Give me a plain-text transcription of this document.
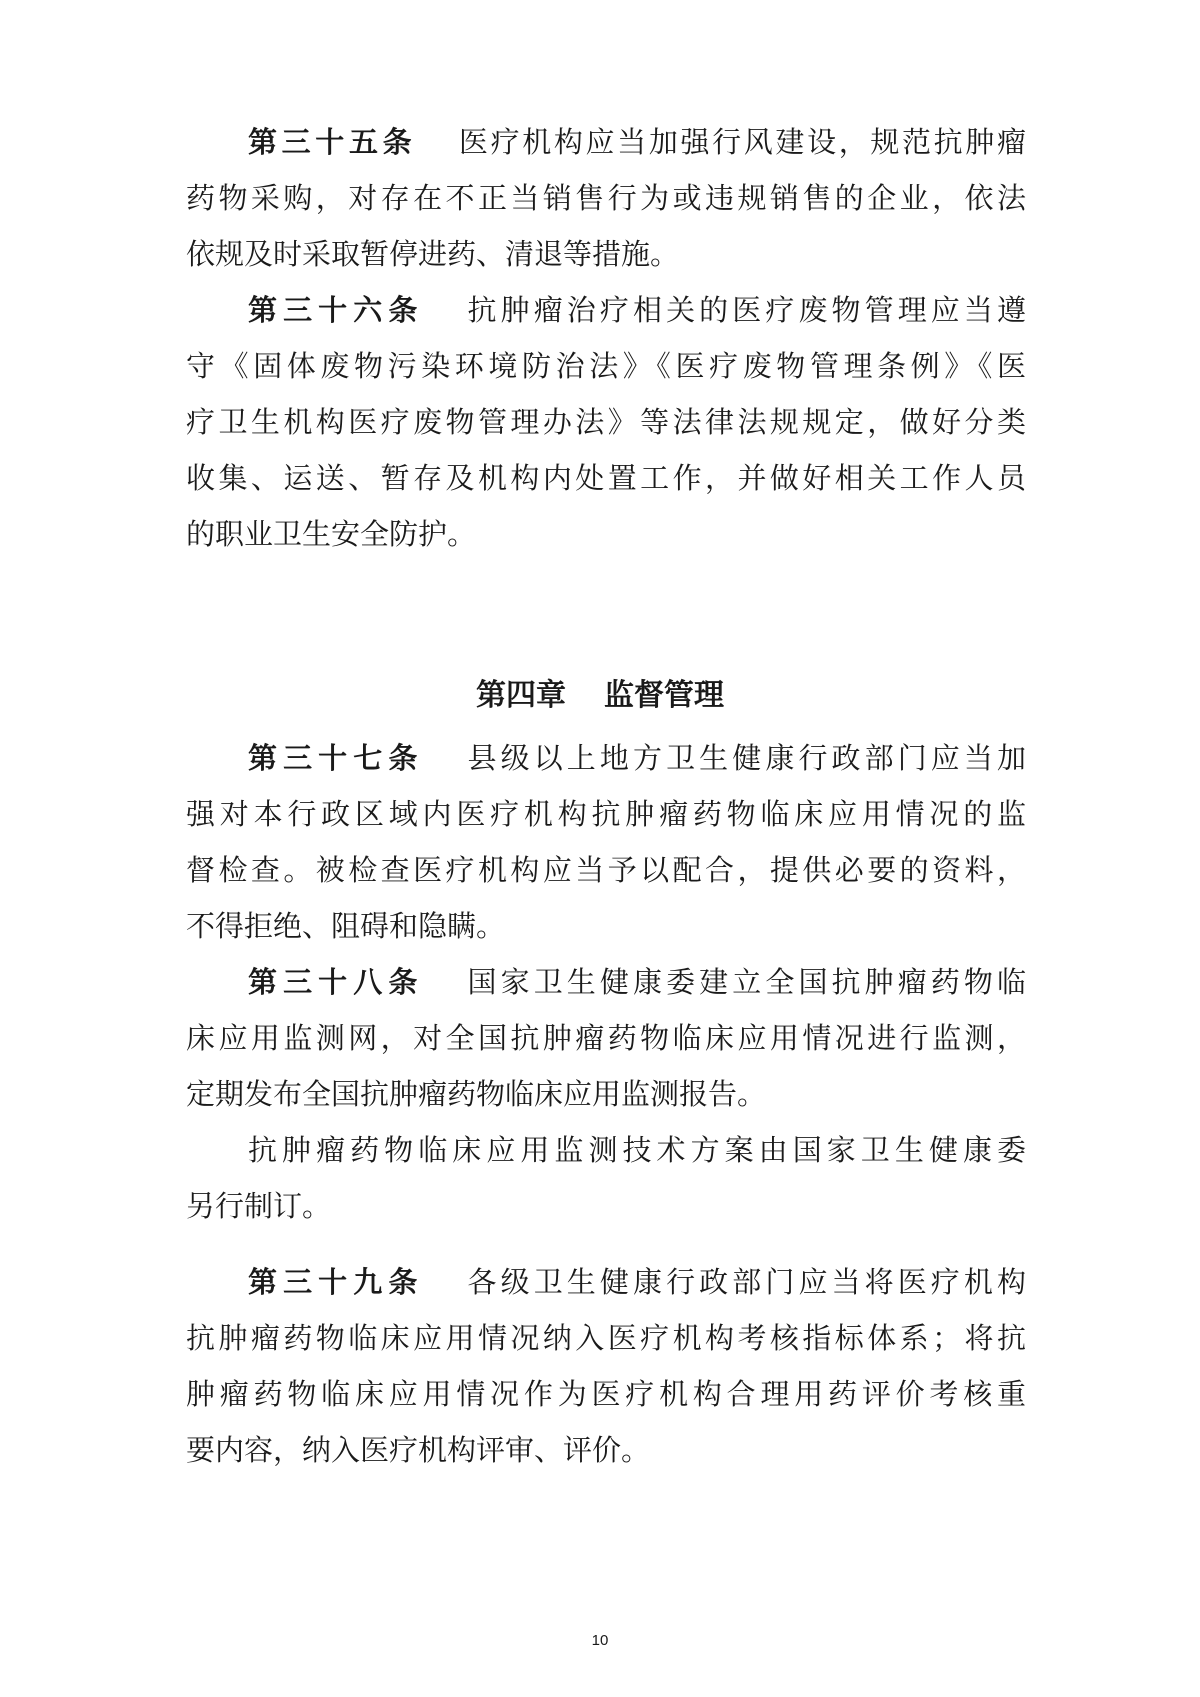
第三十五条 医疗机构应当加强行风建设，规范抗肿瘤
药物采购，对存在不正当销售行为或违规销售的企业，依法
依规及时采取暂停进药、清退等措施。
第三十六条 抗肿瘤治疗相关的医疗废物管理应当遵
守《固体废物污染环境防治法》《医疗废物管理条例》《医
疗卫生机构医疗废物管理办法》等法律法规规定，做好分类
收集、运送、暂存及机构内处置工作，并做好相关工作人员
的职业卫生安全防护。
第四章 监督管理
第三十七条 县级以上地方卫生健康行政部门应当加
强对本行政区域内医疗机构抗肿瘤药物临床应用情况的监
督检查。被检查医疗机构应当予以配合，提供必要的资料，
不得拒绝、阻碍和隐瞒。
第三十八条 国家卫生健康委建立全国抗肿瘤药物临
床应用监测网，对全国抗肿瘤药物临床应用情况进行监测，
定期发布全国抗肿瘤药物临床应用监测报告。
抗肿瘤药物临床应用监测技术方案由国家卫生健康委
另行制订。
第三十九条 各级卫生健康行政部门应当将医疗机构
抗肿瘤药物临床应用情况纳入医疗机构考核指标体系；将抗
肿瘤药物临床应用情况作为医疗机构合理用药评价考核重
要内容，纳入医疗机构评审、评价。
10
